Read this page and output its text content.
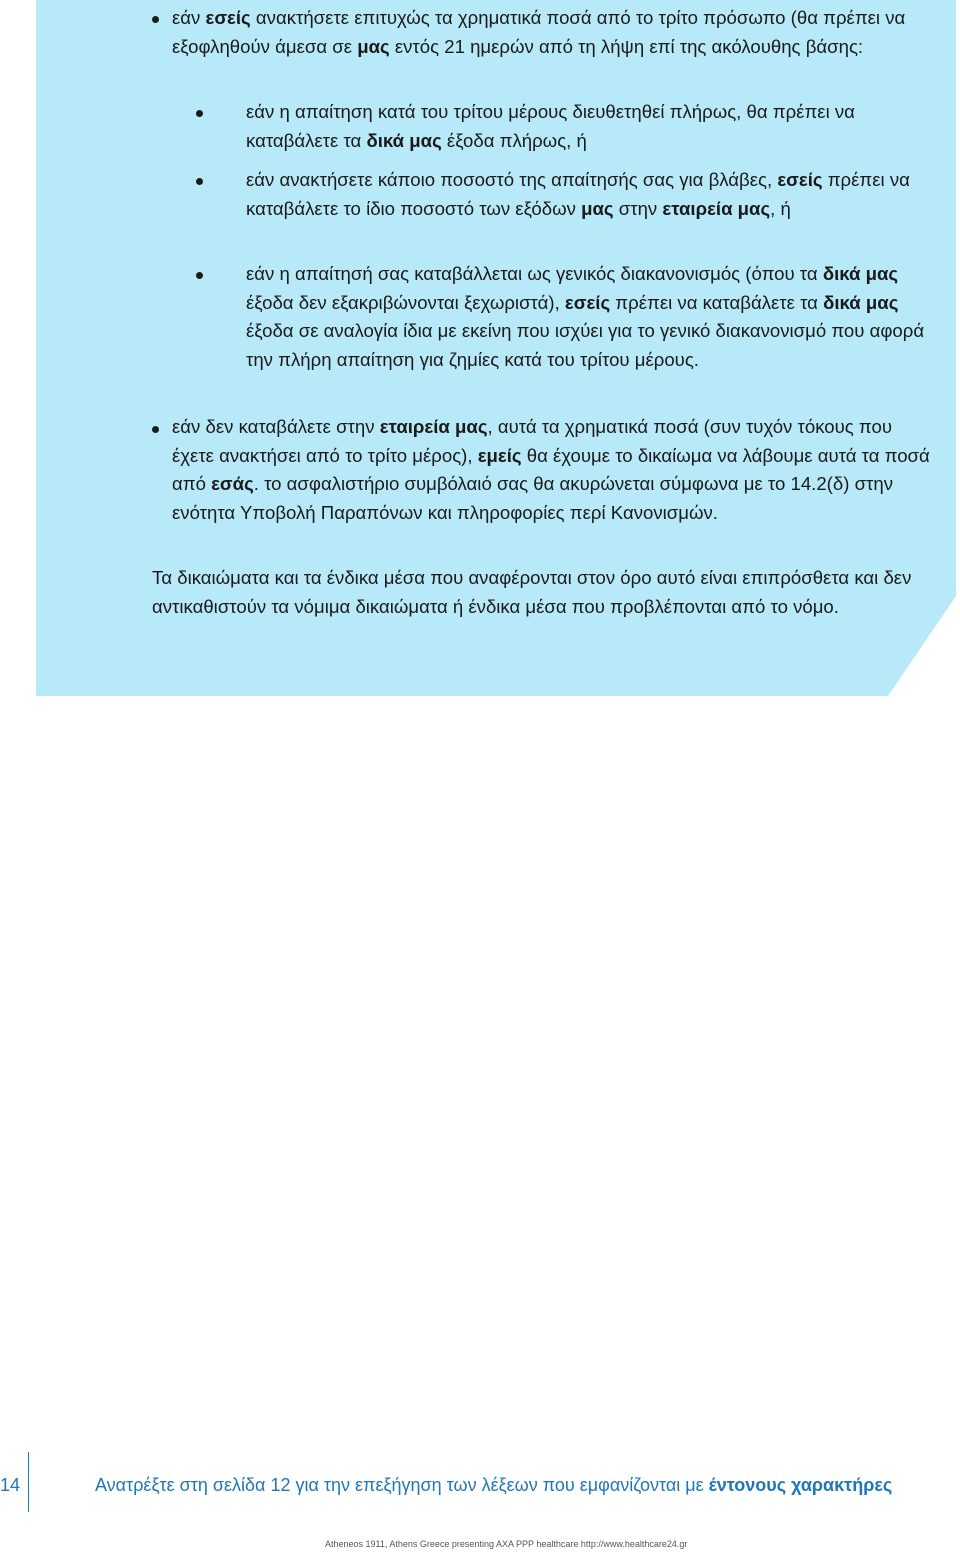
εάν εσείς ανακτήσετε επιτυχώς τα χρηματικά ποσά από το τρίτο πρόσωπο (θα πρέπει να εξοφληθούν άμεσα σε μας εντός 21 ημερών από τη λήψη επί της ακόλουθης βάσης:

εάν η απαίτηση κατά του τρίτου μέρους διευθετηθεί πλήρως, θα πρέπει να καταβάλετε τα δικά μας έξοδα πλήρως, ή

εάν ανακτήσετε κάποιο ποσοστό της απαίτησής σας για βλάβες, εσείς πρέπει να καταβάλετε το ίδιο ποσοστό των εξόδων μας στην εταιρεία μας, ή

εάν η απαίτησή σας καταβάλλεται ως γενικός διακανονισμός (όπου τα δικά μας έξοδα δεν εξακριβώνονται ξεχωριστά), εσείς πρέπει να καταβάλετε τα δικά μας έξοδα σε αναλογία ίδια με εκείνη που ισχύει για το γενικό διακανονισμό που αφορά την πλήρη απαίτηση για ζημίες κατά του τρίτου μέρους.

εάν δεν καταβάλετε στην εταιρεία μας, αυτά τα χρηματικά ποσά (συν τυχόν τόκους που έχετε ανακτήσει από το τρίτο μέρος), εμείς θα έχουμε το δικαίωμα να λάβουμε αυτά τα ποσά από εσάς. το ασφαλιστήριο συμβόλαιό σας θα ακυρώνεται σύμφωνα με το 14.2(δ) στην ενότητα Υποβολή Παραπόνων και πληροφορίες περί Κανονισμών.

Τα δικαιώματα και τα ένδικα μέσα που αναφέρονται στον όρο αυτό είναι επιπρόσθετα και δεν αντικαθιστούν τα νόμιμα δικαιώματα ή ένδικα μέσα που προβλέπονται από το νόμο.

14	Ανατρέξτε στη σελίδα 12 για την επεξήγηση των λέξεων που εμφανίζονται με έντονους χαρακτήρες
Atheneos 1911, Athens Greece presenting AXA PPP healthcare http://www.healthcare24.gr
